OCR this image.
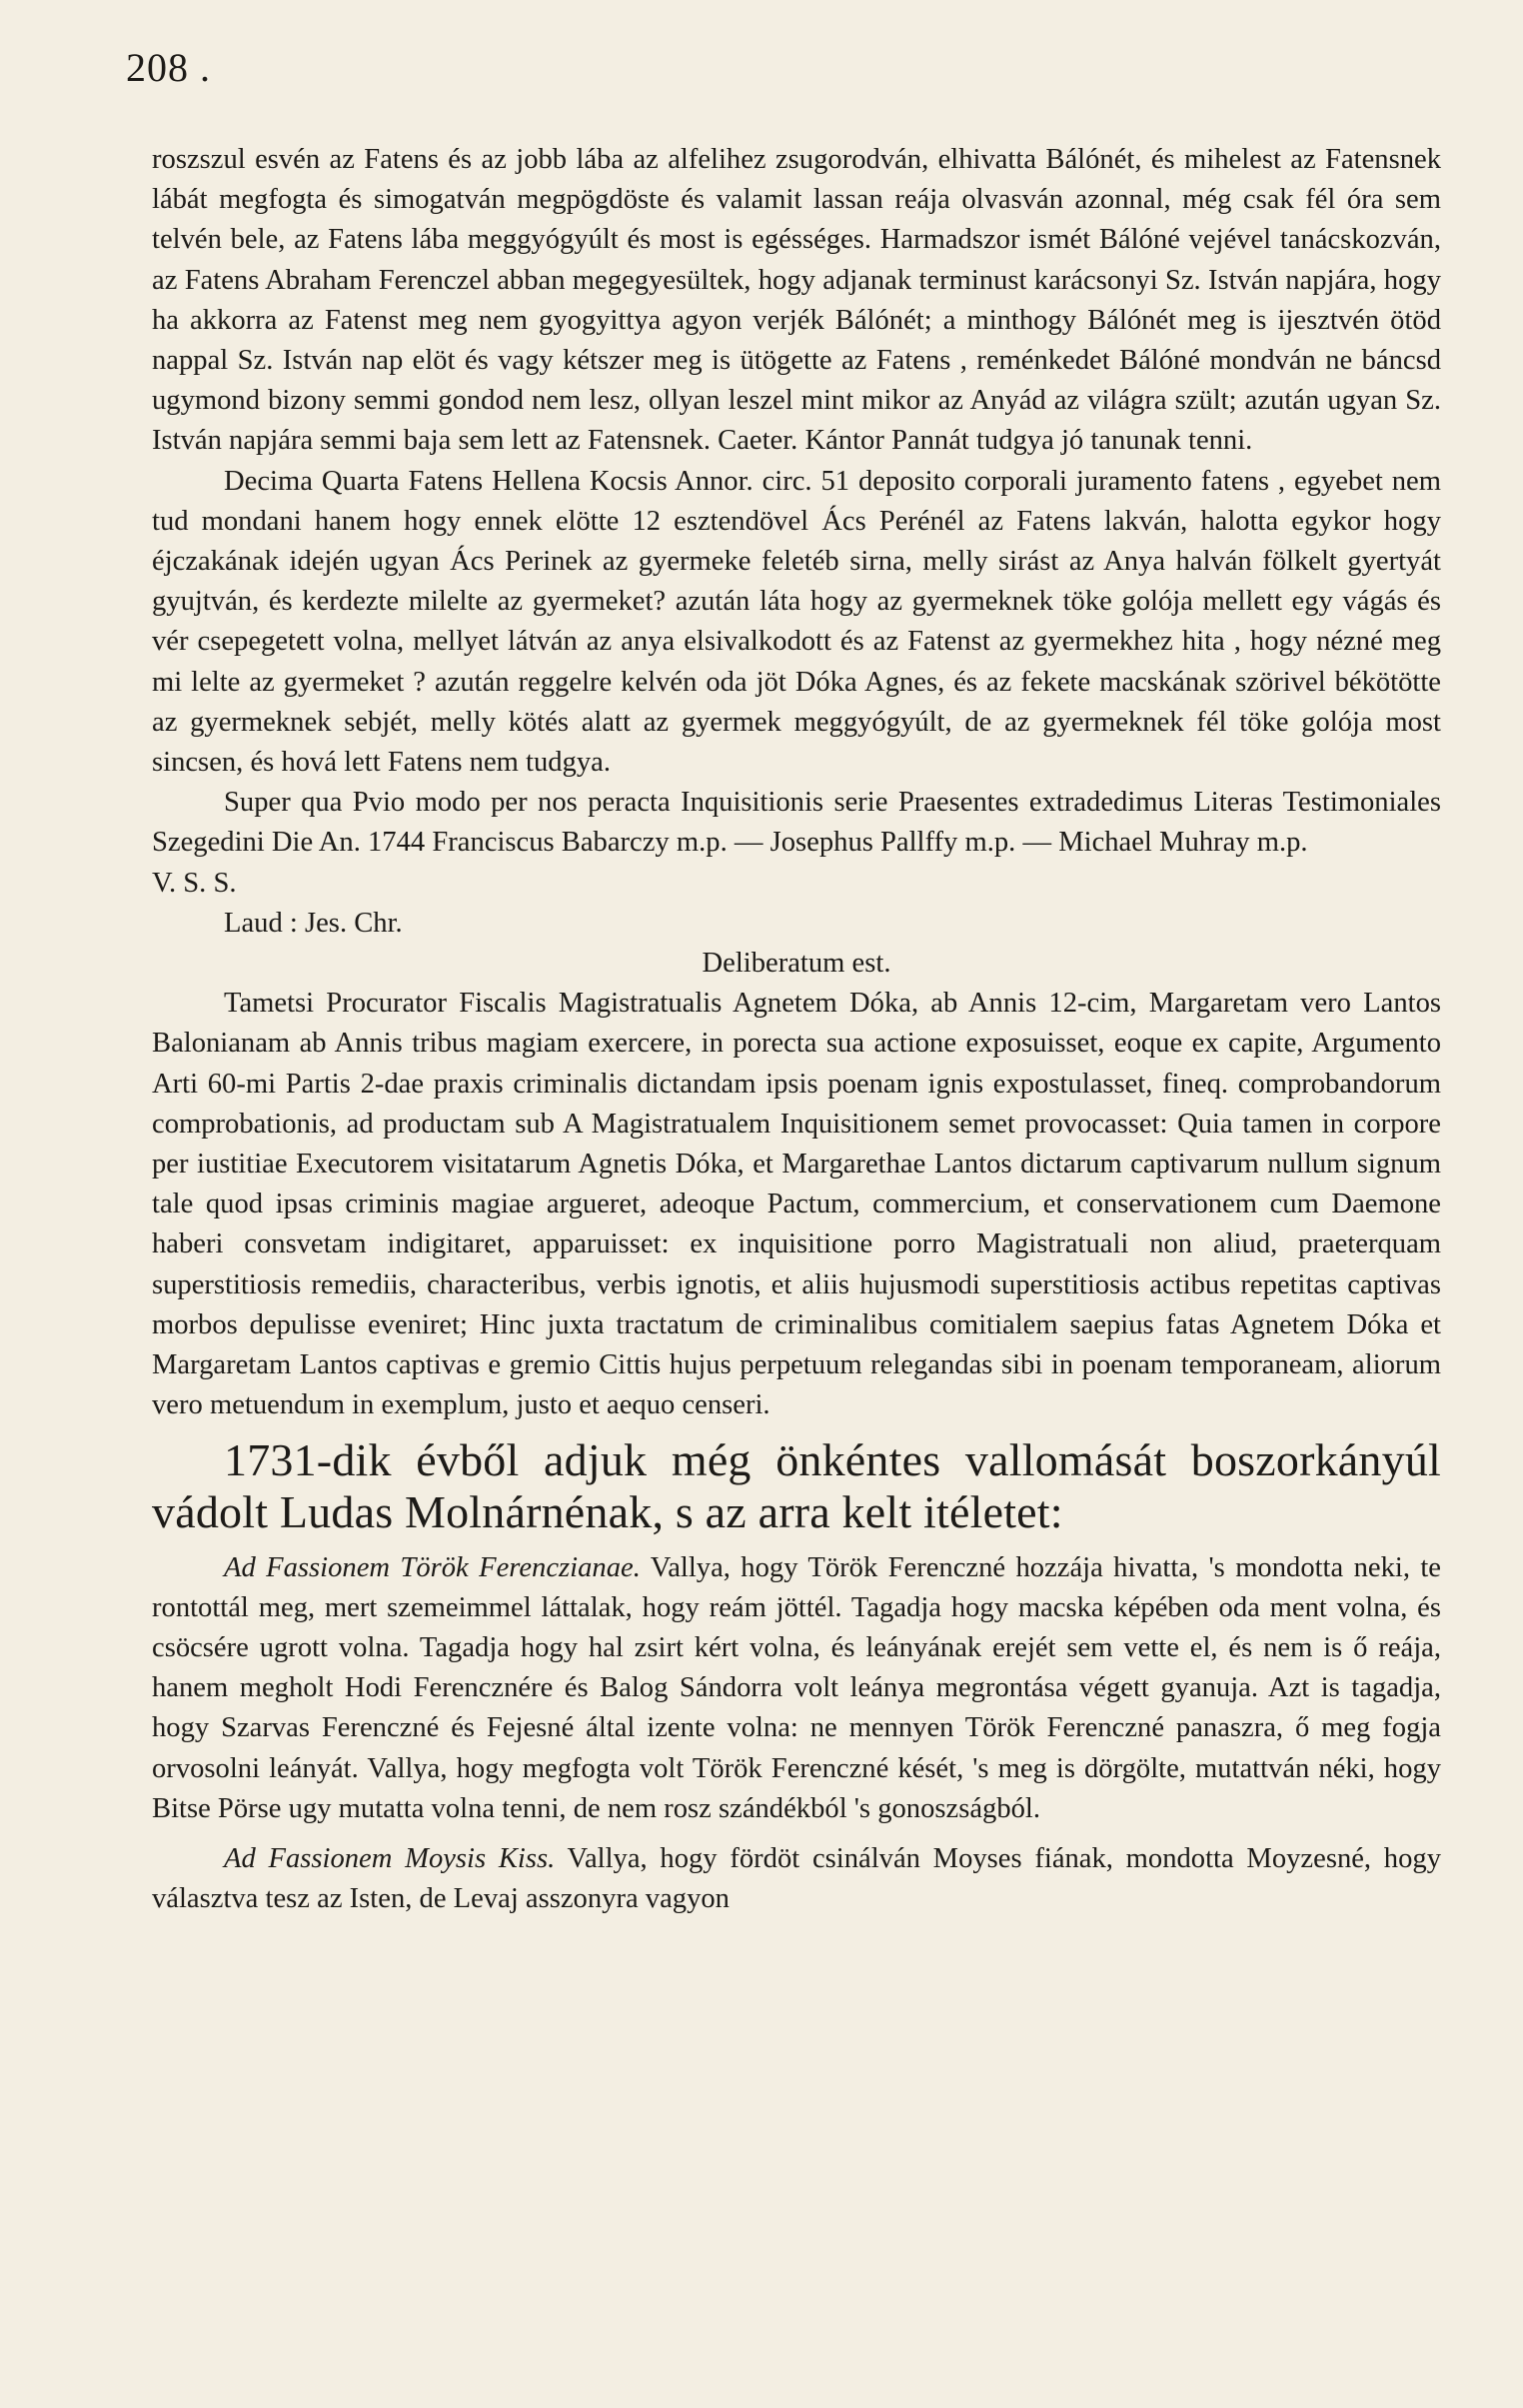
208 .

roszszul esvén az Fatens és az jobb lába az alfelihez zsugorodván, elhivatta Bálónét, és mihelest az Fatensnek lábát megfogta és simogatván megpögdöste és valamit lassan reája olvasván azonnal, még csak fél óra sem telvén bele, az Fatens lába meggyógyúlt és most is egésséges. Harmadszor ismét Bálóné vejével tanácskozván, az Fatens Abraham Ferenczel abban megegyesültek, hogy adjanak terminust karácsonyi Sz. István napjára, hogy ha akkorra az Fatenst meg nem gyogyittya agyon verjék Bálónét; a minthogy Bálónét meg is ijesztvén ötöd nappal Sz. István nap elöt és vagy kétszer meg is ütögette az Fatens , reménkedet Bálóné mondván ne báncsd ugymond bizony semmi gondod nem lesz, ollyan leszel mint mikor az Anyád az világra szült; azután ugyan Sz. István napjára semmi baja sem lett az Fatensnek. Caeter. Kántor Pannát tudgya jó tanunak tenni.

Decima Quarta Fatens Hellena Kocsis Annor. circ. 51 deposito corporali juramento fatens , egyebet nem tud mondani hanem hogy ennek elötte 12 esztendövel Ács Perénél az Fatens lakván, halotta egykor hogy éjczakának idején ugyan Ács Perinek az gyermeke feletéb sirna, melly sirást az Anya halván fölkelt gyertyát gyujtván, és kerdezte milelte az gyermeket? azután láta hogy az gyermeknek töke golója mellett egy vágás és vér csepegetett volna, mellyet látván az anya elsivalkodott és az Fatenst az gyermekhez hita , hogy nézné meg mi lelte az gyermeket ? azután reggelre kelvén oda jöt Dóka Agnes, és az fekete macskának szörivel békötötte az gyermeknek sebjét, melly kötés alatt az gyermek meggyógyúlt, de az gyermeknek fél töke golója most sincsen, és hová lett Fatens nem tudgya.

Super qua Pvio modo per nos peracta Inquisitionis serie Praesentes extradedimus Literas Testimoniales Szegedini Die An. 1744 Franciscus Babarczy m.p. — Josephus Pallffy m.p. — Michael Muhray m.p.

V. S. S.

Laud : Jes. Chr.

Deliberatum est.

Tametsi Procurator Fiscalis Magistratualis Agnetem Dóka, ab Annis 12-cim, Margaretam vero Lantos Balonianam ab Annis tribus magiam exercere, in porecta sua actione exposuisset, eoque ex capite, Argumento Arti 60-mi Partis 2-dae praxis criminalis dictandam ipsis poenam ignis expostulasset, fineq. comprobandorum comprobationis, ad productam sub A Magistratualem Inquisitionem semet provocasset: Quia tamen in corpore per iustitiae Executorem visitatarum Agnetis Dóka, et Margarethae Lantos dictarum captivarum nullum signum tale quod ipsas criminis magiae argueret, adeoque Pactum, commercium, et conservationem cum Daemone haberi consvetam indigitaret, apparuisset: ex inquisitione porro Magistratuali non aliud, praeterquam superstitiosis remediis, characteribus, verbis ignotis, et aliis hujusmodi superstitiosis actibus repetitas captivas morbos depulisse eveniret; Hinc juxta tractatum de criminalibus comitialem saepius fatas Agnetem Dóka et Margaretam Lantos captivas e gremio Cittis hujus perpetuum relegandas sibi in poenam temporaneam, aliorum vero metuendum in exemplum, justo et aequo censeri.

1731-dik évből adjuk még önkéntes vallomását boszorkányúl vádolt Ludas Molnárnénak, s az arra kelt itéletet:

Ad Fassionem Török Ferenczianae. Vallya, hogy Török Ferenczné hozzája hivatta, 's mondotta neki, te rontottál meg, mert szemeimmel láttalak, hogy reám jöttél. Tagadja hogy macska képében oda ment volna, és csöcsére ugrott volna. Tagadja hogy hal zsirt kért volna, és leányának erejét sem vette el, és nem is ő reája, hanem megholt Hodi Ferencznére és Balog Sándorra volt leánya megrontása végett gyanuja. Azt is tagadja, hogy Szarvas Ferenczné és Fejesné által izente volna: ne mennyen Török Ferenczné panaszra, ő meg fogja orvosolni leányát. Vallya, hogy megfogta volt Török Ferenczné kését, 's meg is dörgölte, mutattván néki, hogy Bitse Pörse ugy mutatta volna tenni, de nem rosz szándékból 's gonoszságból.

Ad Fassionem Moysis Kiss. Vallya, hogy fördöt csinálván Moyses fiának, mondotta Moyzesné, hogy választva tesz az Isten, de Levaj asszonyra vagyon
